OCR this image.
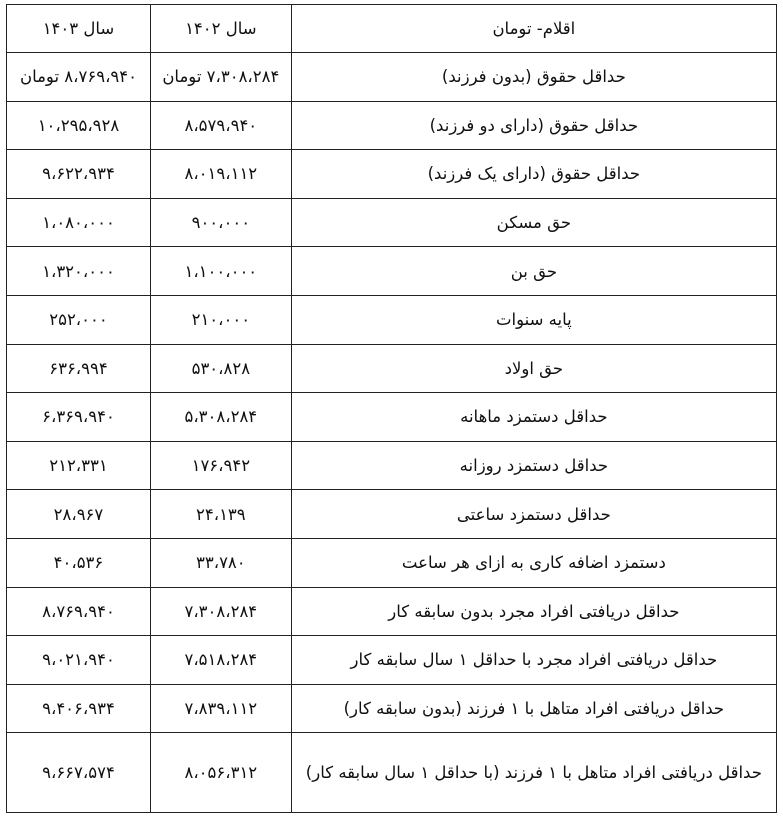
اقلام- تومان	سال ۱۴۰۲	سال ۱۴۰۳
حداقل حقوق (بدون فرزند)	۷،۳۰۸،۲۸۴ تومان	۸،۷۶۹،۹۴۰ تومان
حداقل حقوق (دارای دو فرزند)	۸،۵۷۹،۹۴۰	۱۰،۲۹۵،۹۲۸
حداقل حقوق (دارای یک فرزند)	۸،۰۱۹،۱۱۲	۹،۶۲۲،۹۳۴
حق مسکن	۹۰۰،۰۰۰	۱،۰۸۰،۰۰۰
حق بن	۱،۱۰۰،۰۰۰	۱،۳۲۰،۰۰۰
پایه سنوات	۲۱۰،۰۰۰	۲۵۲،۰۰۰
حق اولاد	۵۳۰،۸۲۸	۶۳۶،۹۹۴
حداقل دستمزد ماهانه	۵،۳۰۸،۲۸۴	۶،۳۶۹،۹۴۰
حداقل دستمزد روزانه	۱۷۶،۹۴۲	۲۱۲،۳۳۱
حداقل دستمزد ساعتی	۲۴،۱۳۹	۲۸،۹۶۷
دستمزد اضافه کاری به ازای هر ساعت	۳۳،۷۸۰	۴۰،۵۳۶
حداقل دریافتی افراد مجرد بدون سابقه کار	۷،۳۰۸،۲۸۴	۸،۷۶۹،۹۴۰
حداقل دریافتی افراد مجرد با حداقل ۱ سال سابقه کار	۷،۵۱۸،۲۸۴	۹،۰۲۱،۹۴۰
حداقل دریافتی افراد متاهل با ۱ فرزند (بدون سابقه کار)	۷،۸۳۹،۱۱۲	۹،۴۰۶،۹۳۴
حداقل دریافتی افراد متاهل با ۱ فرزند (با حداقل ۱ سال سابقه کار)	۸،۰۵۶،۳۱۲	۹،۶۶۷،۵۷۴
